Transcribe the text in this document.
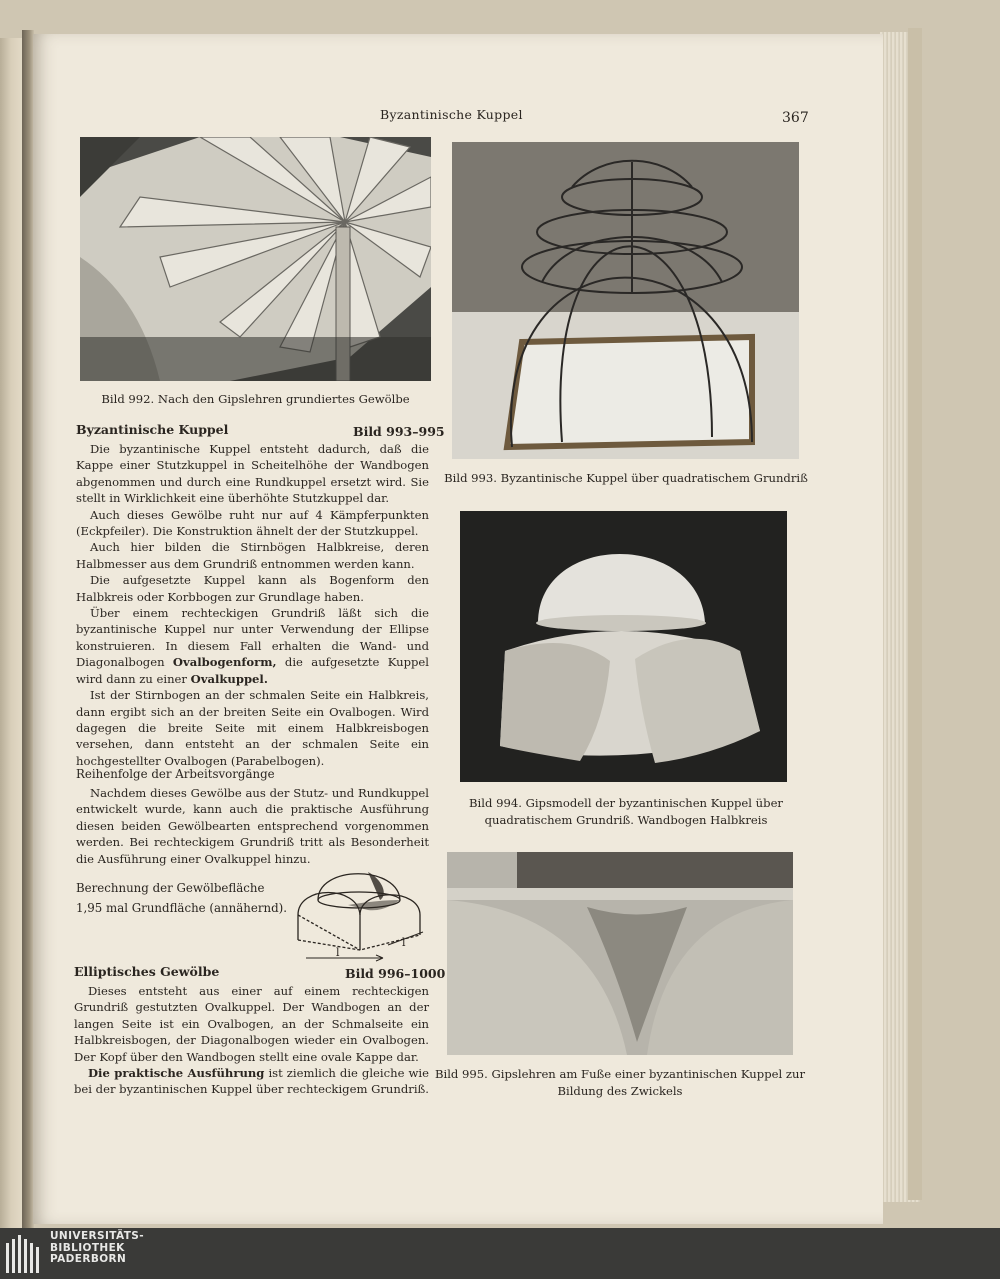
Byzantinische Kuppel	367
Bild 992. Nach den Gipslehren grundiertes Gewölbe
Bild 993. Byzantinische Kuppel über quadratischem Grundriß
Bild 994. Gipsmodell der byzantinischen Kuppel über
quadratischem Grundriß. Wandbogen Halbkreis
Bild 995. Gipslehren am Fuße einer byzantinischen Kuppel zur
Bildung des Zwickels
Byzantinische Kuppel	Bild 993–995

Die byzantinische Kuppel entsteht dadurch, daß die Kappe einer Stutzkuppel in Scheitelhöhe der Wandbogen abgenommen und durch eine Rundkuppel ersetzt wird. Sie stellt in Wirklichkeit eine überhöhte Stutzkuppel dar.

Auch dieses Gewölbe ruht nur auf 4 Kämpferpunkten (Eckpfeiler). Die Konstruktion ähnelt der der Stutzkuppel.

Auch hier bilden die Stirnbögen Halbkreise, deren Halbmesser aus dem Grundriß entnommen werden kann.

Die aufgesetzte Kuppel kann als Bogenform den Halbkreis oder Korbbogen zur Grundlage haben.

Über einem rechteckigen Grundriß läßt sich die byzantinische Kuppel nur unter Verwendung der Ellipse konstruieren. In diesem Fall erhalten die Wand- und Diagonalbogen Ovalbogenform, die aufgesetzte Kuppel wird dann zu einer Ovalkuppel.

Ist der Stirnbogen an der schmalen Seite ein Halbkreis, dann ergibt sich an der breiten Seite ein Ovalbogen. Wird dagegen die breite Seite mit einem Halbkreisbogen versehen, dann entsteht an der schmalen Seite ein hochgestellter Ovalbogen (Parabelbogen).

Reihenfolge der Arbeitsvorgänge

Nachdem dieses Gewölbe aus der Stutz- und Rundkuppel entwickelt wurde, kann auch die praktische Ausführung diesen beiden Gewölbearten entsprechend vorgenommen werden. Bei rechteckigem Grundriß tritt als Besonderheit die Ausführung einer Ovalkuppel hinzu.

Berechnung der Gewölbefläche
1,95 mal Grundfläche (annähernd).
l
l
Elliptisches Gewölbe	Bild 996–1000

Dieses entsteht aus einer auf einem rechteckigen Grundriß gestutzten Ovalkuppel. Der Wandbogen an der langen Seite ist ein Ovalbogen, an der Schmalseite ein Halbkreisbogen, der Diagonalbogen wieder ein Ovalbogen. Der Kopf über den Wandbogen stellt eine ovale Kappe dar.

Die praktische Ausführung ist ziemlich die gleiche wie bei der byzantinischen Kuppel über rechteckigem Grundriß.

UNIVERSITÄTS-
BIBLIOTHEK
PADERBORN
